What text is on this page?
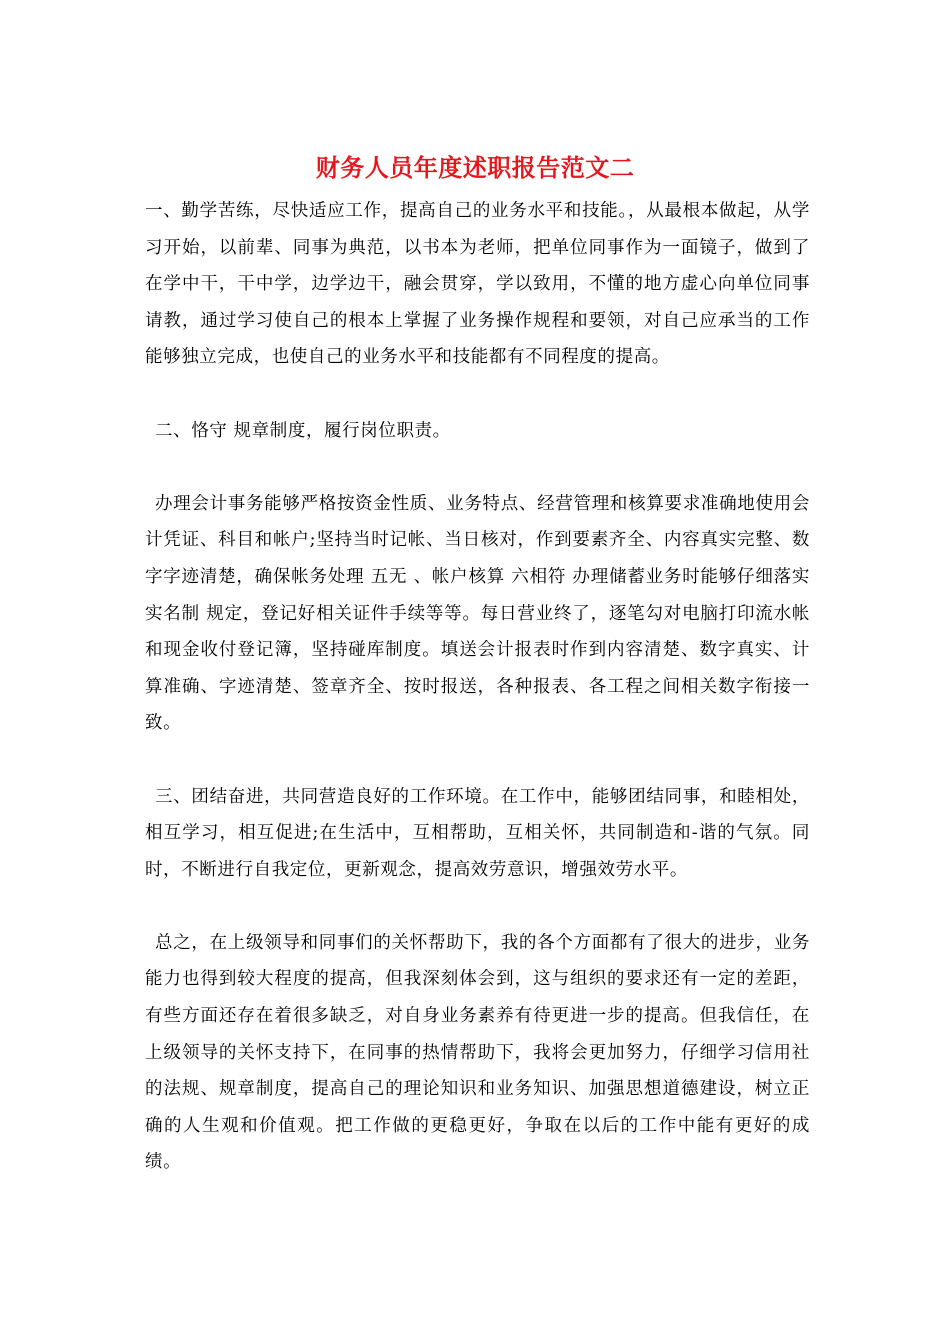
财务人员年度述职报告范文二

一、勤学苦练，尽快适应工作，提高自己的业务水平和技能。，从最根本做起，从学习开始，以前辈、同事为典范，以书本为老师，把单位同事作为一面镜子，做到了在学中干，干中学，边学边干，融会贯穿，学以致用，不懂的地方虚心向单位同事请教，通过学习使自己的根本上掌握了业务操作规程和要领，对自己应承当的工作能够独立完成，也使自己的业务水平和技能都有不同程度的提高。

二、恪守 规章制度，履行岗位职责。

办理会计事务能够严格按资金性质、业务特点、经营管理和核算要求准确地使用会计凭证、科目和帐户;坚持当时记帐、当日核对，作到要素齐全、内容真实完整、数字字迹清楚，确保帐务处理 五无 、帐户核算 六相符 办理储蓄业务时能够仔细落实 实名制 规定，登记好相关证件手续等等。每日营业终了，逐笔勾对电脑打印流水帐和现金收付登记簿，坚持碰库制度。填送会计报表时作到内容清楚、数字真实、计算准确、字迹清楚、签章齐全、按时报送，各种报表、各工程之间相关数字衔接一致。

三、团结奋进，共同营造良好的工作环境。在工作中，能够团结同事，和睦相处，相互学习，相互促进;在生活中，互相帮助，互相关怀，共同制造和-谐的气氛。同时，不断进行自我定位，更新观念，提高效劳意识，增强效劳水平。

总之，在上级领导和同事们的关怀帮助下，我的各个方面都有了很大的进步，业务能力也得到较大程度的提高，但我深刻体会到，这与组织的要求还有一定的差距，有些方面还存在着很多缺乏，对自身业务素养有待更进一步的提高。但我信任，在上级领导的关怀支持下，在同事的热情帮助下，我将会更加努力，仔细学习信用社的法规、规章制度，提高自己的理论知识和业务知识、加强思想道德建设，树立正确的人生观和价值观。把工作做的更稳更好，争取在以后的工作中能有更好的成绩。
